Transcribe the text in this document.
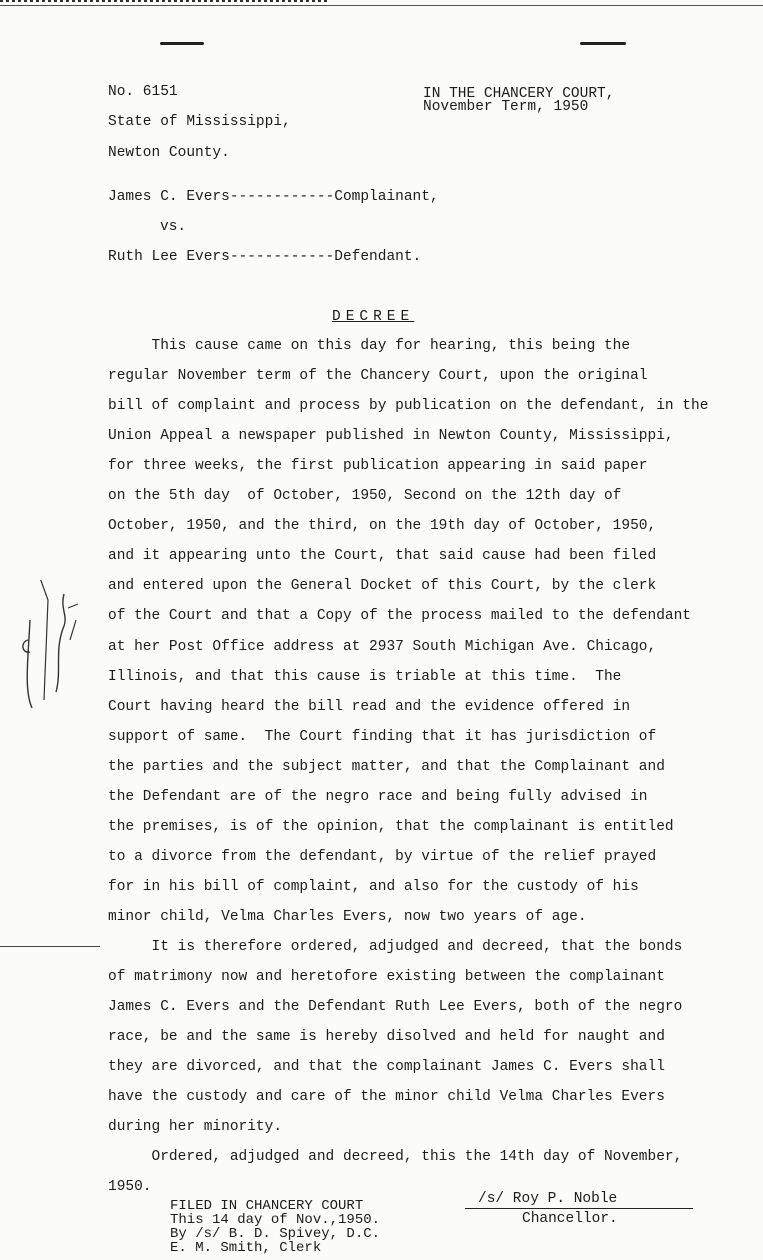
No. 6151
State of Mississippi,
Newton County.
IN THE CHANCERY COURT,
November Term, 1950
James C. Evers------------Complainant,
vs.
Ruth Lee Evers------------Defendant.
DECREE
This cause came on this day for hearing, this being the
regular November term of the Chancery Court, upon the original
bill of complaint and process by publication on the defendant, in the
Union Appeal a newspaper published in Newton County, Mississippi,
for three weeks, the first publication appearing in said paper
on the 5th day  of October, 1950, Second on the 12th day of
October, 1950, and the third, on the 19th day of October, 1950,
and it appearing unto the Court, that said cause had been filed
and entered upon the General Docket of this Court, by the clerk
of the Court and that a Copy of the process mailed to the defendant
at her Post Office address at 2937 South Michigan Ave. Chicago,
Illinois, and that this cause is triable at this time.  The
Court having heard the bill read and the evidence offered in
support of same.  The Court finding that it has jurisdiction of
the parties and the subject matter, and that the Complainant and
the Defendant are of the negro race and being fully advised in
the premises, is of the opinion, that the complainant is entitled
to a divorce from the defendant, by virtue of the relief prayed
for in his bill of complaint, and also for the custody of his
minor child, Velma Charles Evers, now two years of age.
It is therefore ordered, adjudged and decreed, that the bonds
of matrimony now and heretofore existing between the complainant
James C. Evers and the Defendant Ruth Lee Evers, both of the negro
race, be and the same is hereby disolved and held for naught and
they are divorced, and that the complainant James C. Evers shall
have the custody and care of the minor child Velma Charles Evers
during her minority.
Ordered, adjudged and decreed, this the 14th day of November,
1950.
FILED IN CHANCERY COURT
This 14 day of Nov.,1950.
By /s/ B. D. Spivey, D.C.
E. M. Smith, Clerk
/s/ Roy P. Noble
Chancellor.
